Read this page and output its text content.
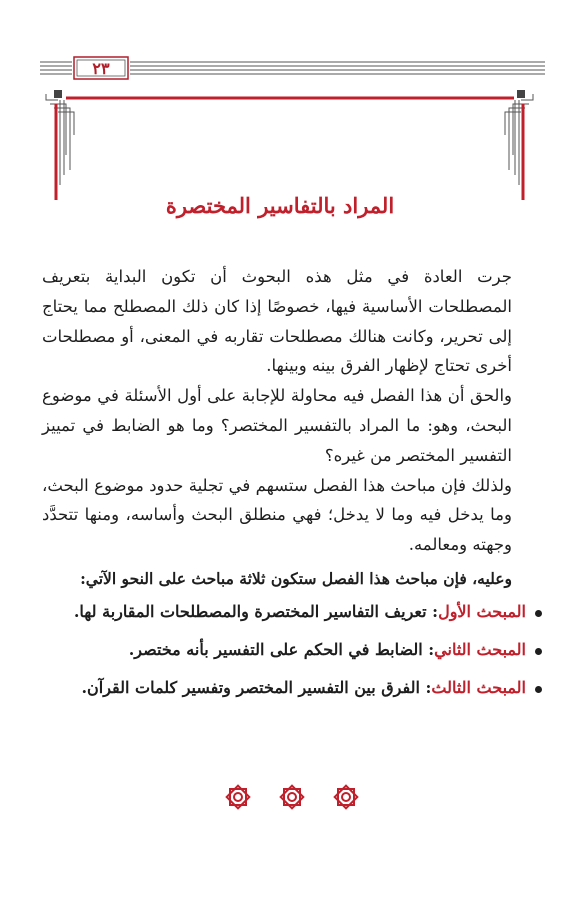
٢٣
المراد بالتفاسير المختصرة

جرت العادة في مثل هذه البحوث أن تكون البداية بتعريف المصطلحات الأساسية فيها، خصوصًا إذا كان ذلك المصطلح مما يحتاج إلى تحرير، وكانت هنالك مصطلحات تقاربه في المعنى، أو مصطلحات أخرى تحتاج لإظهار الفرق بينه وبينها.

والحق أن هذا الفصل فيه محاولة للإجابة على أول الأسئلة في موضوع البحث، وهو: ما المراد بالتفسير المختصر؟ وما هو الضابط في تمييز التفسير المختصر من غيره؟

ولذلك فإن مباحث هذا الفصل ستسهم في تجلية حدود موضوع البحث، وما يدخل فيه وما لا يدخل؛ فهي منطلق البحث وأساسه، ومنها تتحدَّد وجهته ومعالمه.

وعليه، فإن مباحث هذا الفصل ستكون ثلاثة مباحث على النحو الآتي:

المبحث الأول: تعريف التفاسير المختصرة والمصطلحات المقاربة لها.
المبحث الثاني: الضابط في الحكم على التفسير بأنه مختصر.
المبحث الثالث: الفرق بين التفسير المختصر وتفسير كلمات القرآن.
